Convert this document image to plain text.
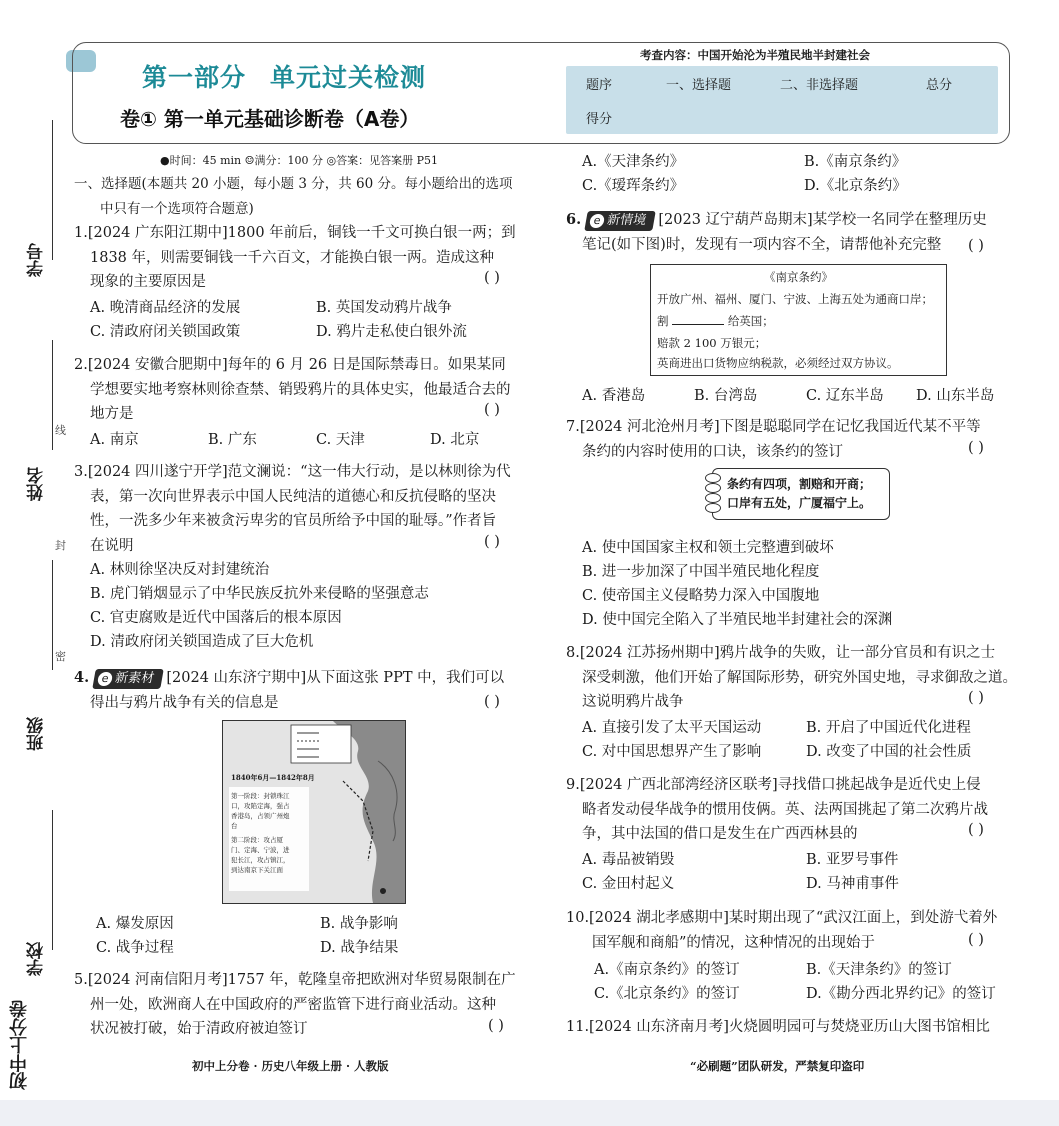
学号
线
姓名
封
密
班级
学校
初中上分卷
第一部分 单元过关检测
卷① 第一单元基础诊断卷（A卷）
考查内容：中国开始沦为半殖民地半封建社会
题序	一、选择题	二、非选择题	总分
得分
●时间：45 min ☺满分：100 分 ◎答案：见答案册 P51
一、选择题(本题共 20 小题，每小题 3 分，共 60 分。每小题给出的选项
中只有一个选项符合题意)
1.[2024 广东阳江期中]1800 年前后，铜钱一千文可换白银一两；到
1838 年，则需要铜钱一千六百文，才能换白银一两。造成这种
现象的主要原因是	( )
A. 晚清商品经济的发展	B. 英国发动鸦片战争
C. 清政府闭关锁国政策	D. 鸦片走私使白银外流
2.[2024 安徽合肥期中]每年的 6 月 26 日是国际禁毒日。如果某同
学想要实地考察林则徐查禁、销毁鸦片的具体史实，他最适合去的
地方是	( )
A. 南京	B. 广东	C. 天津	D. 北京
3.[2024 四川遂宁开学]范文澜说：“这一伟大行动，是以林则徐为代
表，第一次向世界表示中国人民纯洁的道德心和反抗侵略的坚决
性，一洗多少年来被贪污卑劣的官员所给予中国的耻辱。”作者旨
在说明	( )
A. 林则徐坚决反对封建统治
B. 虎门销烟显示了中华民族反抗外来侵略的坚强意志
C. 官吏腐败是近代中国落后的根本原因
D. 清政府闭关锁国造成了巨大危机
4. e 新素材 [2024 山东济宁期中]从下面这张 PPT 中，我们可以
得出与鸦片战争有关的信息是	( )
1840年6月—1842年8月
第一阶段：封锁珠江口，攻陷定海，强占香港岛，占领广州炮台
第二阶段：攻占厦门、定海、宁波，进犯长江，攻占镇江，到达南京下关江面
A. 爆发原因	B. 战争影响
C. 战争过程	D. 战争结果
5.[2024 河南信阳月考]1757 年，乾隆皇帝把欧洲对华贸易限制在广
州一处，欧洲商人在中国政府的严密监管下进行商业活动。这种
状况被打破，始于清政府被迫签订	( )
初中上分卷 · 历史八年级上册 · 人教版
A.《天津条约》	B.《南京条约》
C.《瑷珲条约》	D.《北京条约》
6. e 新情境 [2023 辽宁葫芦岛期末]某学校一名同学在整理历史
笔记(如下图)时，发现有一项内容不全，请帮他补充完整	( )
《南京条约》
开放广州、福州、厦门、宁波、上海五处为通商口岸；
割	给英国；
赔款 2 100 万银元；
英商进出口货物应纳税款，必须经过双方协议。
A. 香港岛	B. 台湾岛	C. 辽东半岛 D. 山东半岛
7.[2024 河北沧州月考]下图是聪聪同学在记忆我国近代某不平等
条约的内容时使用的口诀，该条约的签订	( )
条约有四项，割赔和开商；
口岸有五处，广厦福宁上。
A. 使中国国家主权和领土完整遭到破坏
B. 进一步加深了中国半殖民地化程度
C. 使帝国主义侵略势力深入中国腹地
D. 使中国完全陷入了半殖民地半封建社会的深渊
8.[2024 江苏扬州期中]鸦片战争的失败，让一部分官员和有识之士
深受刺激，他们开始了解国际形势，研究外国史地，寻求御敌之道。
这说明鸦片战争	( )
A. 直接引发了太平天国运动	B. 开启了中国近代化进程
C. 对中国思想界产生了影响	D. 改变了中国的社会性质
9.[2024 广西北部湾经济区联考]寻找借口挑起战争是近代史上侵
略者发动侵华战争的惯用伎俩。英、法两国挑起了第二次鸦片战
争，其中法国的借口是发生在广西西林县的	( )
A. 毒品被销毁	B. 亚罗号事件
C. 金田村起义	D. 马神甫事件
10.[2024 湖北孝感期中]某时期出现了“武汉江面上，到处游弋着外
国军舰和商船”的情况，这种情况的出现始于	( )
A.《南京条约》的签订	B.《天津条约》的签订
C.《北京条约》的签订	D.《勘分西北界约记》的签订
11.[2024 山东济南月考]火烧圆明园可与焚烧亚历山大图书馆相比
“必刷题”团队研发，严禁复印盗印
